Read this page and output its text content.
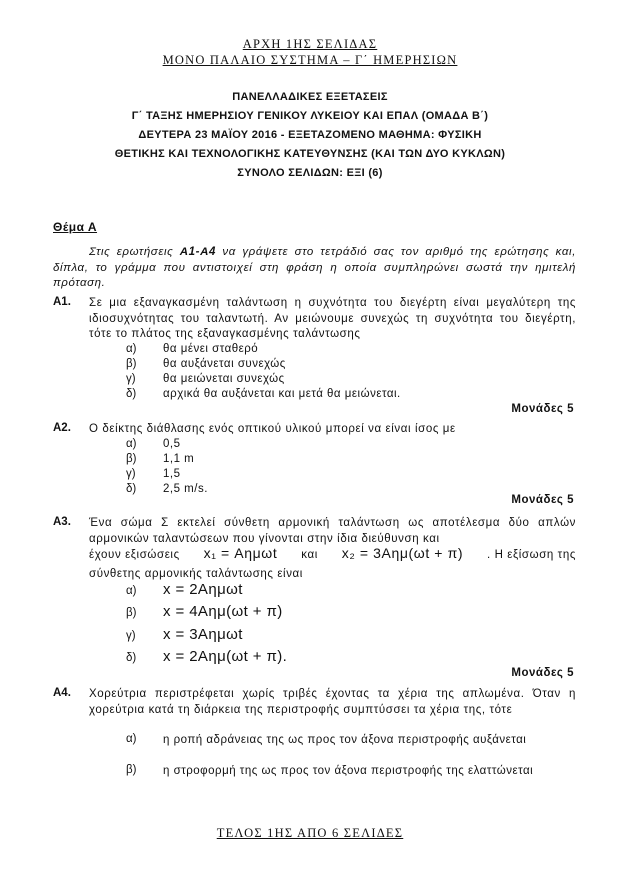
ΑΡΧΗ 1ΗΣ ΣΕΛΙΔΑΣ
ΜΟΝΟ ΠΑΛΑΙΟ ΣΥΣΤΗΜΑ – Γ΄ ΗΜΕΡΗΣΙΩΝ
ΠΑΝΕΛΛΑΔΙΚΕΣ ΕΞΕΤΑΣΕΙΣ
Γ΄ ΤΑΞΗΣ ΗΜΕΡΗΣΙΟΥ ΓΕΝΙΚΟΥ ΛΥΚΕΙΟΥ ΚΑΙ ΕΠΑΛ (ΟΜΑΔΑ Β΄)
ΔΕΥΤΕΡΑ 23 ΜΑΪΟΥ 2016 - ΕΞΕΤΑΖΟΜΕΝΟ ΜΑΘΗΜΑ: ΦΥΣΙΚΗ
ΘΕΤΙΚΗΣ ΚΑΙ ΤΕΧΝΟΛΟΓΙΚΗΣ ΚΑΤΕΥΘΥΝΣΗΣ (ΚΑΙ ΤΩΝ ΔΥΟ ΚΥΚΛΩΝ)
ΣΥΝΟΛΟ ΣΕΛΙΔΩΝ: ΕΞΙ (6)
Θέμα Α
Στις ερωτήσεις Α1-Α4 να γράψετε στο τετράδιό σας τον αριθμό της ερώτησης και, δίπλα, το γράμμα που αντιστοιχεί στη φράση η οποία συμπληρώνει σωστά την ημιτελή πρόταση.
Α1. Σε μια εξαναγκασμένη ταλάντωση η συχνότητα του διεγέρτη είναι μεγαλύτερη της ιδιοσυχνότητας του ταλαντωτή. Αν μειώνουμε συνεχώς τη συχνότητα του διεγέρτη, τότε το πλάτος της εξαναγκασμένης ταλάντωσης
α) θα μένει σταθερό
β) θα αυξάνεται συνεχώς
γ) θα μειώνεται συνεχώς
δ) αρχικά θα αυξάνεται και μετά θα μειώνεται.
Μονάδες 5
Α2. Ο δείκτης διάθλασης ενός οπτικού υλικού μπορεί να είναι ίσος με
α) 0,5
β) 1,1 m
γ) 1,5
δ) 2,5 m/s.
Μονάδες 5
Α3. Ένα σώμα Σ εκτελεί σύνθετη αρμονική ταλάντωση ως αποτέλεσμα δύο απλών αρμονικών ταλαντώσεων που γίνονται στην ίδια διεύθυνση και
έχουν εξισώσεις x₁ = Αημωt και x₂ = 3Αημ(ωt + π) . Η εξίσωση της
σύνθετης αρμονικής ταλάντωσης είναι
α) x = 2Αημωt
β) x = 4Αημ(ωt + π)
γ) x = 3Αημωt
δ) x = 2Αημ(ωt + π).
Μονάδες 5
Α4. Χορεύτρια περιστρέφεται χωρίς τριβές έχοντας τα χέρια της απλωμένα. Όταν η χορεύτρια κατά τη διάρκεια της περιστροφής συμπτύσσει τα χέρια της, τότε
α) η ροπή αδράνειας της ως προς τον άξονα περιστροφής αυξάνεται
β) η στροφορμή της ως προς τον άξονα περιστροφής της ελαττώνεται
ΤΕΛΟΣ 1ΗΣ ΑΠΟ 6 ΣΕΛΙΔΕΣ
